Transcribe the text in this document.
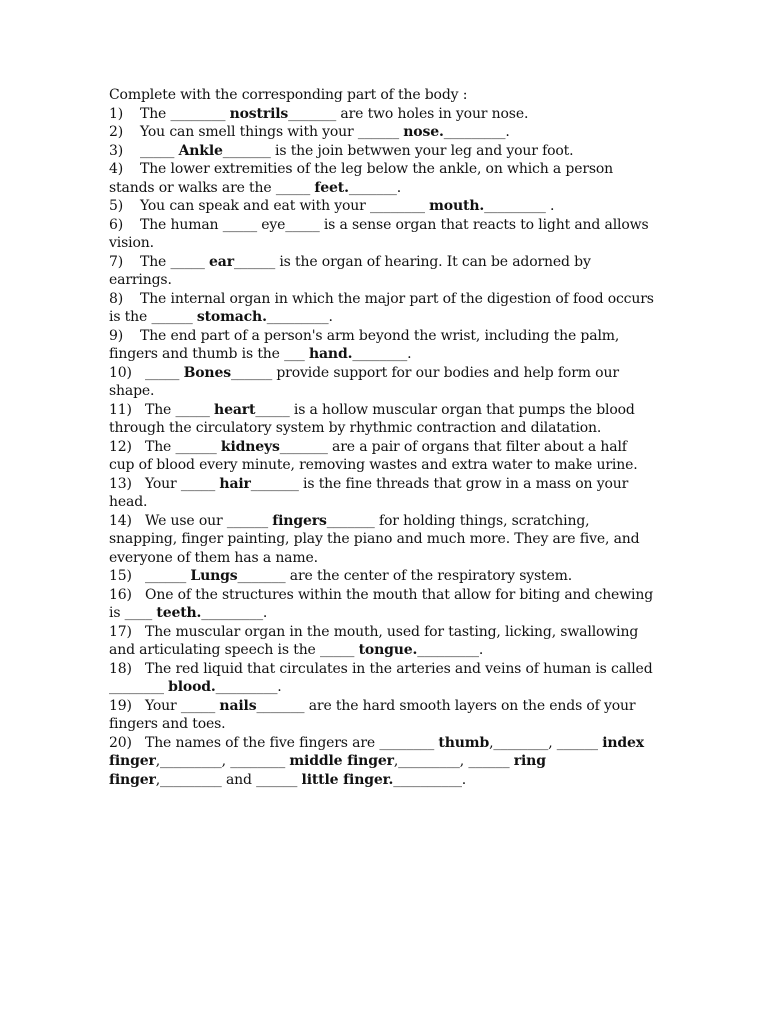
Complete with the corresponding part of the body :

1) The ________ nostrils_______ are two holes in your nose.

2) You can smell things with your ______ nose._________.

3) _____ Ankle_______ is the join betwwen your leg and your foot.

4) The lower extremities of the leg below the ankle, on which a person stands or walks are the _____ feet._______.

5) You can speak and eat with your ________ mouth._________ .

6) The human _____ eye_____ is a sense organ that reacts to light and allows vision.

7) The _____ ear______ is the organ of hearing. It can be adorned by earrings.

8) The internal organ in which the major part of the digestion of food occurs is the ______ stomach._________.

9) The end part of a person's arm beyond the wrist, including the palm, fingers and thumb is the ___ hand.________.

10) _____ Bones______ provide support for our bodies and help form our shape.

11) The _____ heart_____ is a hollow muscular organ that pumps the blood through the circulatory system by rhythmic contraction and dilatation.

12) The ______ kidneys_______ are a pair of organs that filter about a half cup of blood every minute, removing wastes and extra water to make urine.

13) Your _____ hair_______ is the fine threads that grow in a mass on your head.

14) We use our ______ fingers_______ for holding things, scratching, snapping, finger painting, play the piano and much more. They are five, and everyone of them has a name.

15) ______ Lungs_______ are the center of the respiratory system.

16) One of the structures within the mouth that allow for biting and chewing is ____ teeth._________.

17) The muscular organ in the mouth, used for tasting, licking, swallowing and articulating speech is the _____ tongue._________.

18) The red liquid that circulates in the arteries and veins of human is called ________ blood._________.

19) Your _____ nails_______ are the hard smooth layers on the ends of your fingers and toes.

20) The names of the five fingers are ________ thumb,________, ______ index finger,_________, ________ middle finger,_________, ______ ring finger,_________ and ______ little finger.__________.
